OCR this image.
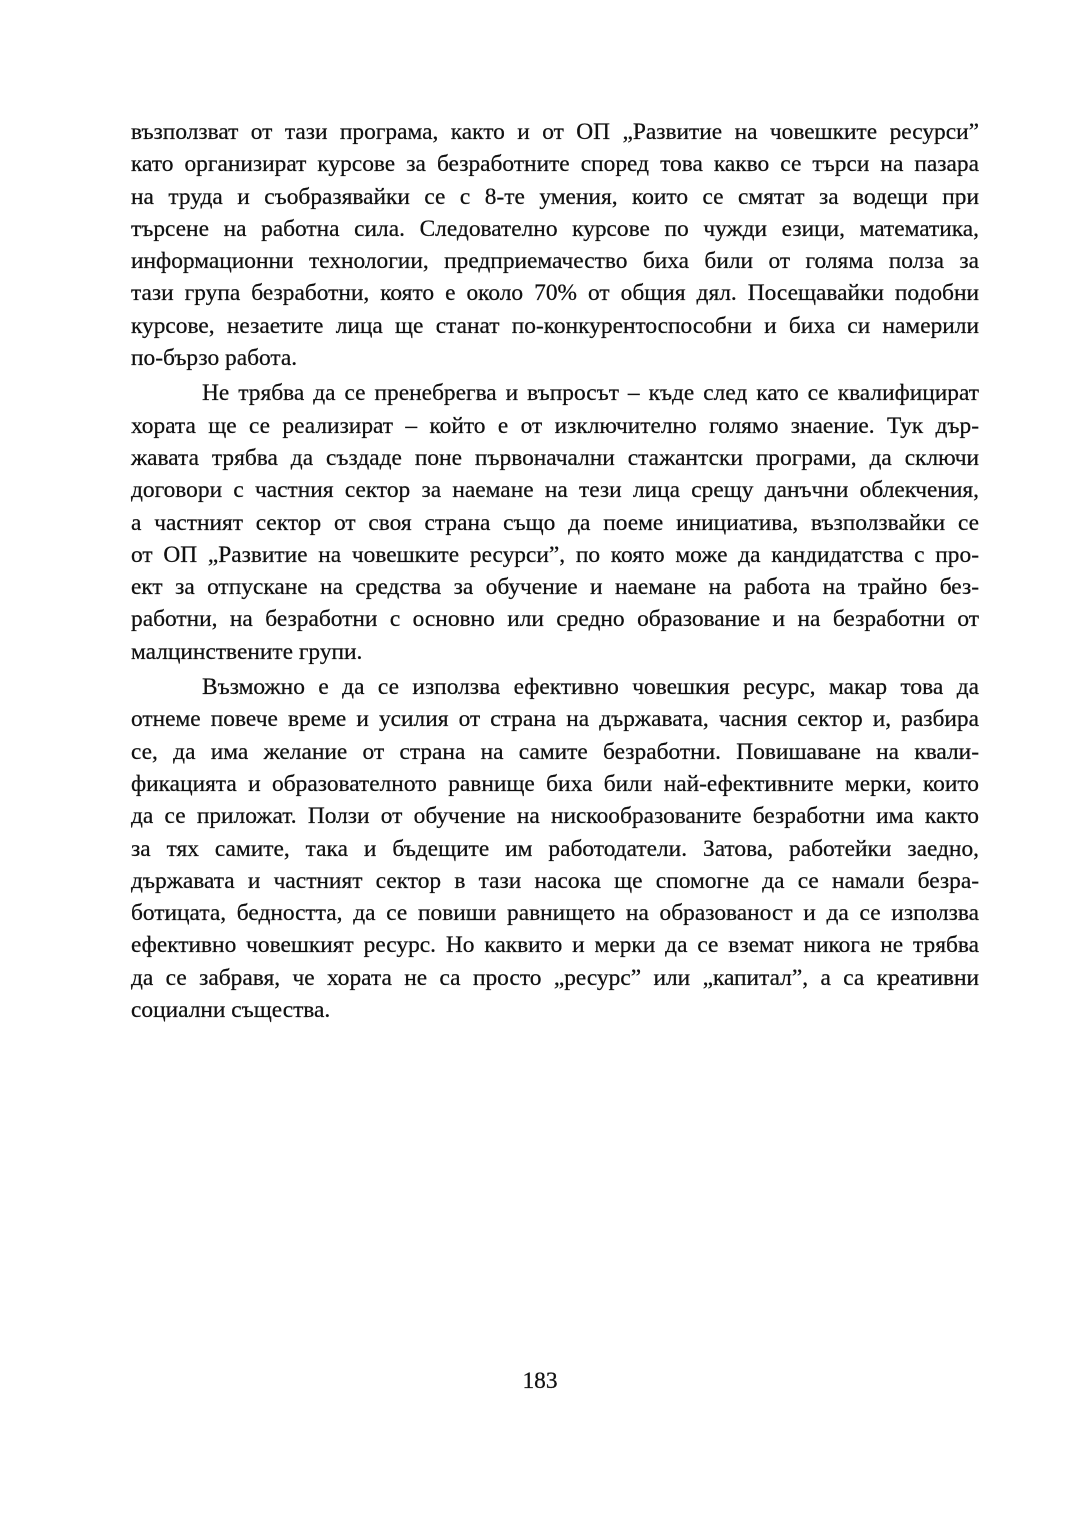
възползват от тази програма, както и от ОП „Развитие на човешките ресурси”
като организират курсове за безработните според това какво се търси на пазара
на труда и съобразявайки се с 8-те умения, които се смятат за водещи при
търсене на работна сила. Следователно курсове по чужди езици, математика,
информационни технологии, предприемачество биха били от голяма полза за
тази група безработни, която е около 70% от общия дял. Посещавайки подобни
курсове, незаетите лица ще станат по-конкурентоспособни и биха си намерили
по-бързо работа.

Не трябва да се пренебрегва и въпросът – къде след като се квалифицират
хората ще се реализират – който е от изключително голямо знаение. Тук дър-
жавата трябва да създаде поне първоначални стажантски програми, да сключи
договори с частния сектор за наемане на тези лица срещу данъчни облекчения,
а частният сектор от своя страна също да поеме инициатива, възползвайки се
от ОП „Развитие на човешките ресурси”, по която може да кандидатства с про-
ект за отпускане на средства за обучение и наемане на работа на трайно без-
работни, на безработни с основно или средно образование и на безработни от
малцинствените групи.

Възможно е да се използва ефективно човешкия ресурс, макар това да
отнеме повече време и усилия от страна на държавата, часния сектор и, разбира
се, да има желание от страна на самите безработни. Повишаване на квали-
фикацията и образователното равнище биха били най-ефективните мерки, които
да се приложат. Ползи от обучение на нискообразованите безработни има както
за тях самите, така и бъдещите им работодатели. Затова, работейки заедно,
държавата и частният сектор в тази насока ще спомогне да се намали безра-
ботицата, бедността, да се повиши равнището на образованост и да се използва
ефективно човешкият ресурс. Но каквито и мерки да се вземат никога не трябва
да се забравя, че хората не са просто „ресурс” или „капитал”, а са креативни
социални същества.

183
